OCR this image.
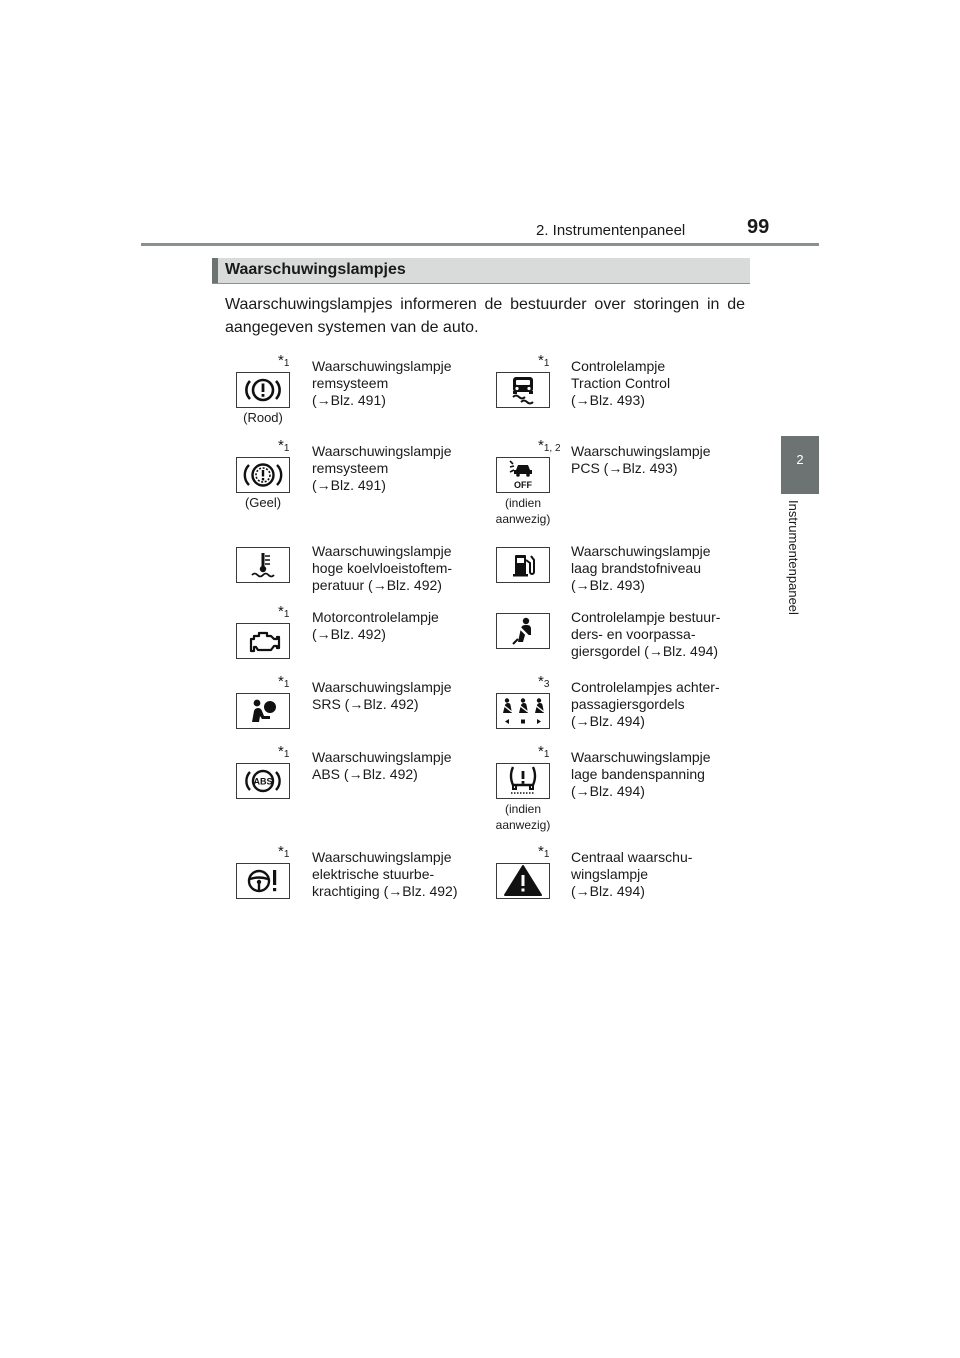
2. Instrumentenpaneel	99
2
Instrumentenpaneel
Waarschuwingslampjes
Waarschuwingslampjes informeren de bestuurder over storingen in de aangegeven systemen van de auto.
$*_1$
(Rood)
Waarschuwingslampje
remsysteem
(→Blz. 491)
$*_1$ Controlelampje
Traction Control
(→Blz. 493)
$*_1$
(Geel)
Waarschuwingslampje
remsysteem
(→Blz. 491)
$*_{1, 2}$
OFF
(indien aanwezig)
Waarschuwingslampje
PCS (→Blz. 493)
Waarschuwingslampje
hoge koelvloeistoftem-
peratuur (→Blz. 492)
Waarschuwingslampje
laag brandstofniveau
(→Blz. 493)
$*_1$ Motorcontrolelampje
(→Blz. 492)
Controlelampje bestuur-
ders- en voorpassa-
giersgordel (→Blz. 494)
$*_1$ Waarschuwingslampje
SRS (→Blz. 492)
$*_3$ Controlelampjes achter-
passagiersgordels
(→Blz. 494)
$*_1$
ABS
Waarschuwingslampje
ABS (→Blz. 492)
$*_1$
(indien aanwezig)
Waarschuwingslampje
lage bandenspanning
(→Blz. 494)
$*_1$ Waarschuwingslampje
elektrische stuurbe-
krachtiging (→Blz. 492)
$*_1$ Centraal waarschu-
wingslampje
(→Blz. 494)
